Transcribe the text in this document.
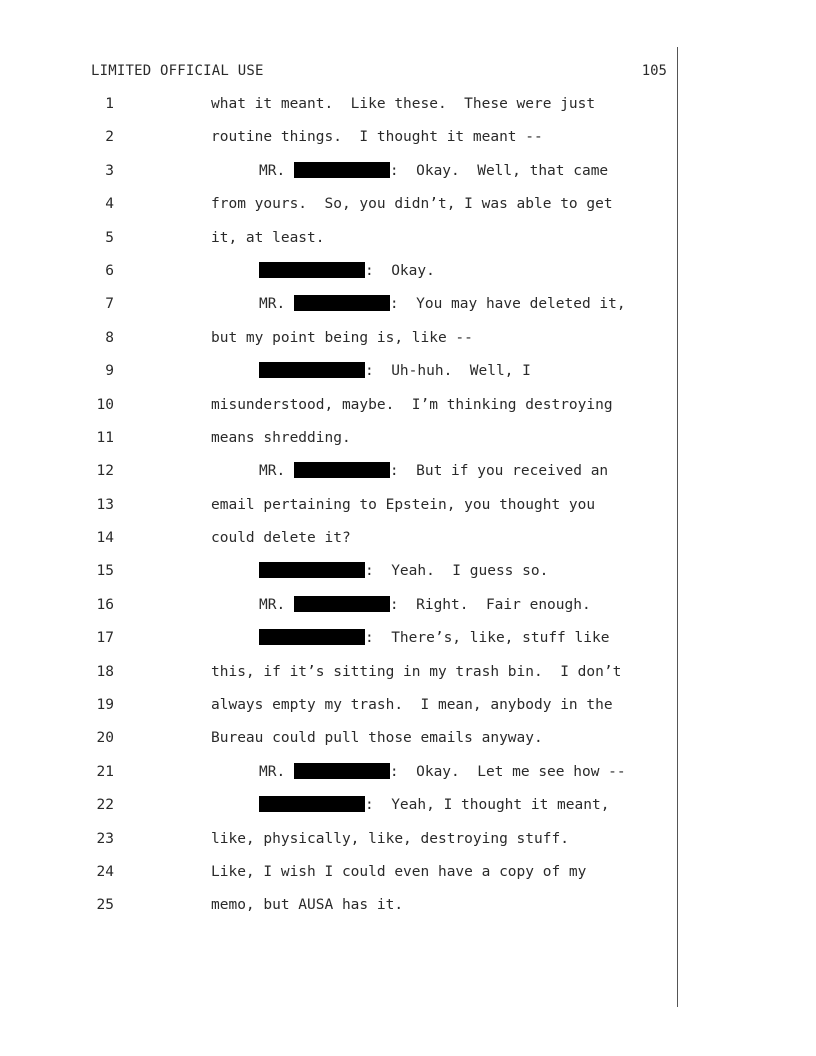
LIMITED OFFICIAL USE	105
1	what it meant.  Like these.  These were just
2	routine things.  I thought it meant --
3	MR.	:  Okay.  Well, that came
4	from yours.  So, you didn’t, I was able to get
5	it, at least.
6	:  Okay.
7	MR.	:  You may have deleted it,
8	but my point being is, like --
9	:  Uh-huh.  Well, I
10	misunderstood, maybe.  I’m thinking destroying
11	means shredding.
12	MR.	:  But if you received an
13	email pertaining to Epstein, you thought you
14	could delete it?
15	:  Yeah.  I guess so.
16	MR.	:  Right.  Fair enough.
17	:  There’s, like, stuff like
18	this, if it’s sitting in my trash bin.  I don’t
19	always empty my trash.  I mean, anybody in the
20	Bureau could pull those emails anyway.
21	MR.	:  Okay.  Let me see how --
22	:  Yeah, I thought it meant,
23	like, physically, like, destroying stuff.
24	Like, I wish I could even have a copy of my
25	memo, but AUSA has it.
